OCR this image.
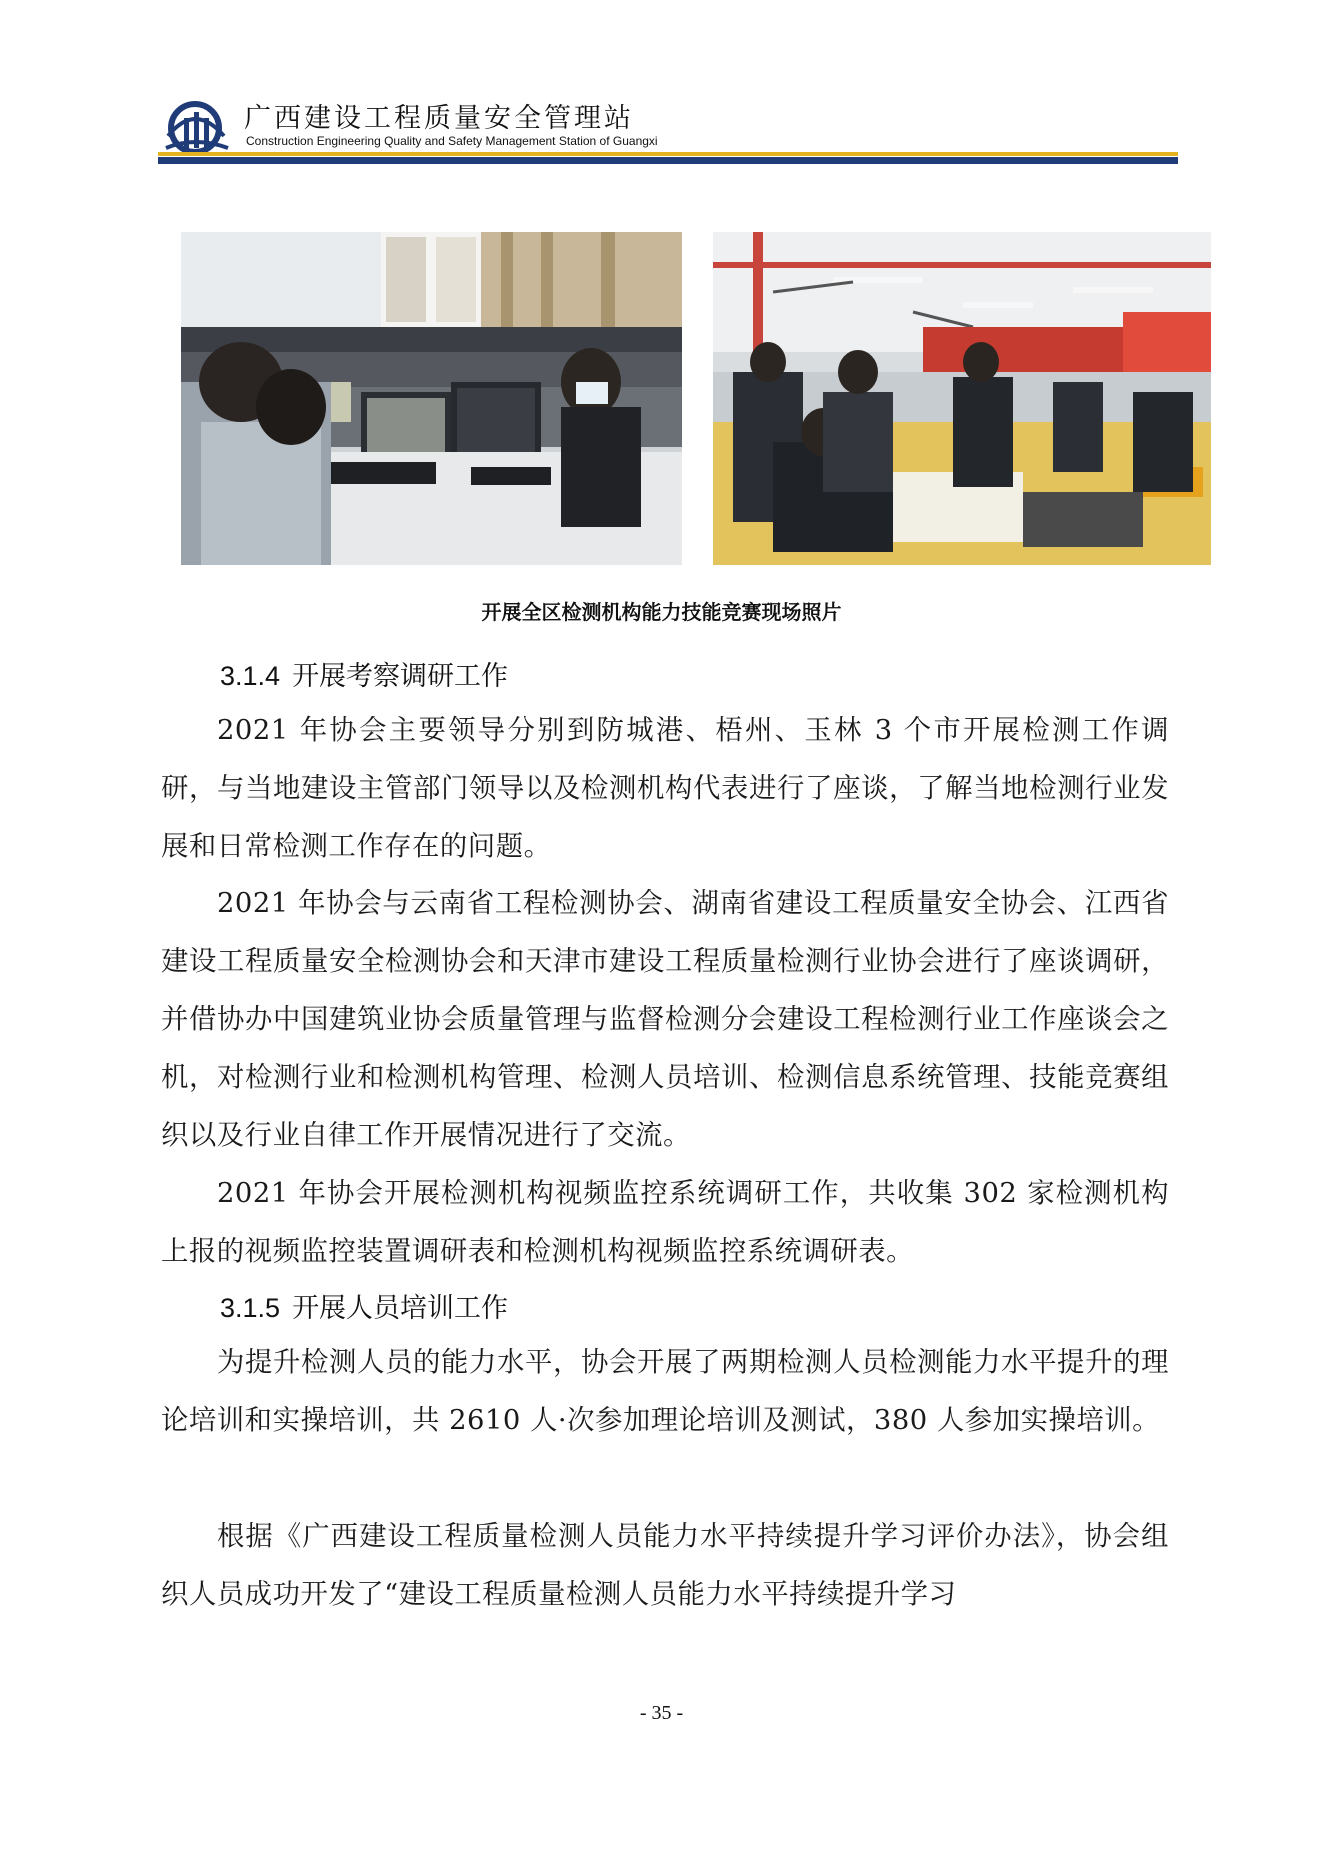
广西建设工程质量安全管理站
Construction Engineering Quality and Safety Management Station of Guangxi
开展全区检测机构能力技能竞赛现场照片
3.1.4 开展考察调研工作

2021 年协会主要领导分别到防城港、梧州、玉林 3 个市开展检测工作调研，与当地建设主管部门领导以及检测机构代表进行了座谈，了解当地检测行业发展和日常检测工作存在的问题。

2021 年协会与云南省工程检测协会、湖南省建设工程质量安全协会、江西省建设工程质量安全检测协会和天津市建设工程质量检测行业协会进行了座谈调研，并借协办中国建筑业协会质量管理与监督检测分会建设工程检测行业工作座谈会之机，对检测行业和检测机构管理、检测人员培训、检测信息系统管理、技能竞赛组织以及行业自律工作开展情况进行了交流。

2021 年协会开展检测机构视频监控系统调研工作，共收集 302 家检测机构上报的视频监控装置调研表和检测机构视频监控系统调研表。

3.1.5 开展人员培训工作

为提升检测人员的能力水平，协会开展了两期检测人员检测能力水平提升的理论培训和实操培训，共 2610 人·次参加理论培训及测试，380 人参加实操培训。

根据《广西建设工程质量检测人员能力水平持续提升学习评价办法》，协会组织人员成功开发了“建设工程质量检测人员能力水平持续提升学习

- 35 -
